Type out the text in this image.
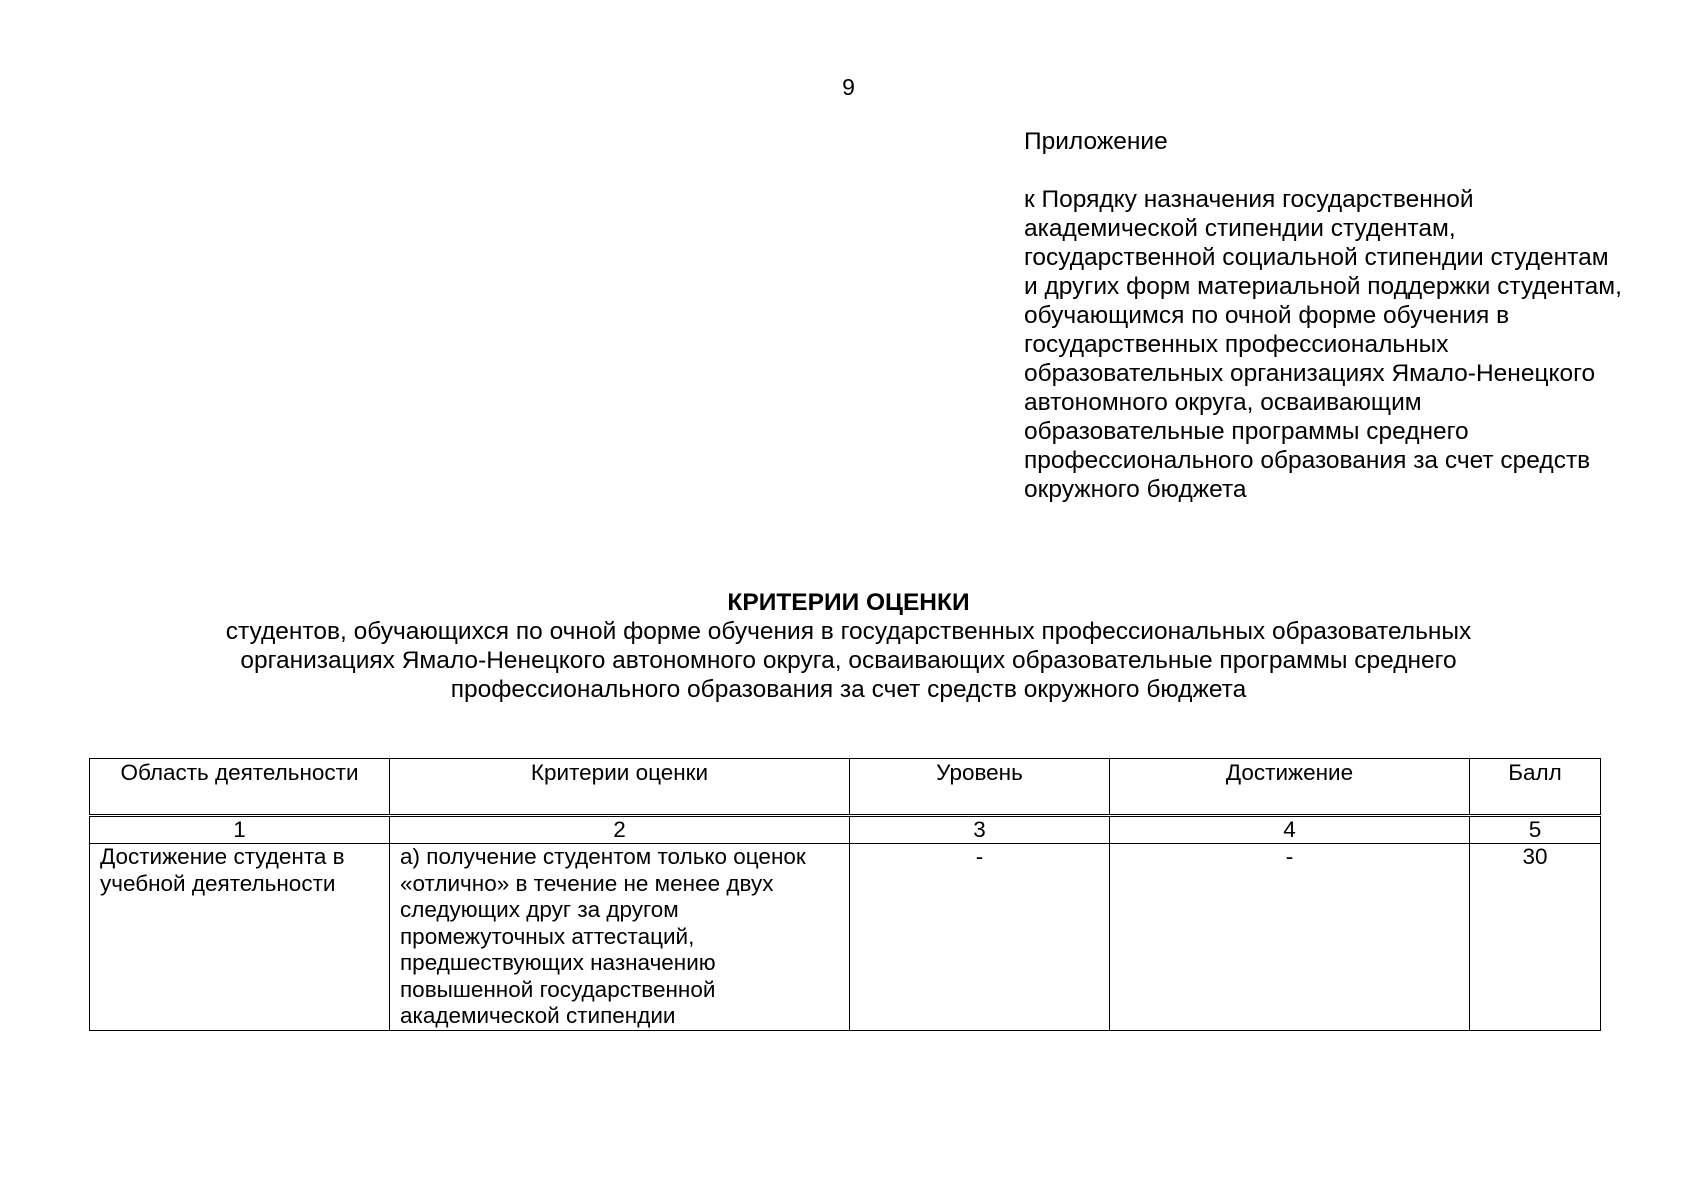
9

Приложение

к Порядку назначения государственной академической стипендии студентам, государственной социальной стипендии студентам и других форм материальной поддержки студентам, обучающимся по очной форме обучения в государственных профессиональных образовательных организациях Ямало-Ненецкого автономного округа, осваивающим образовательные программы среднего профессионального образования за счет средств окружного бюджета

КРИТЕРИИ ОЦЕНКИ

студентов, обучающихся по очной форме обучения в государственных профессиональных образовательных организациях Ямало-Ненецкого автономного округа, осваивающих образовательные программы среднего профессионального образования за счет средств окружного бюджета

Область деятельности	Критерии оценки	Уровень	Достижение	Балл
1	2	3	4	5
Достижение студента в учебной деятельности	а) получение студентом только оценок «отлично» в течение не менее двух следующих друг за другом промежуточных аттестаций, предшествующих назначению повышенной государственной академической стипендии	-	-	30
